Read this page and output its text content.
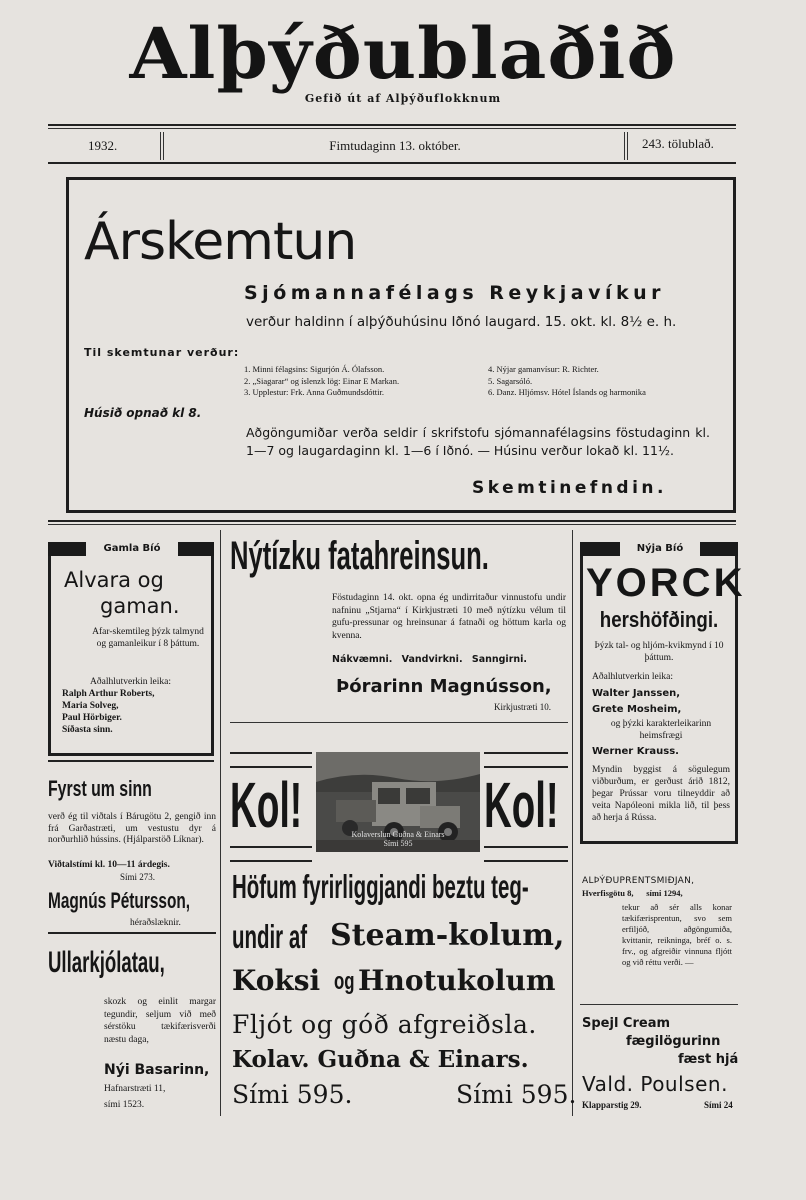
Alþýðublaðið
Gefið út af Alþýðuflokknum
1932.	Fimtudaginn 13. október.	243. tölublað.
Árskemtun
Sjómannafélags Reykjavíkur
verður haldinn í alþýðuhúsinu Iðnó laugard. 15. okt. kl. 8½ e. h.
Til skemtunar verður:
1. Minni félagsins: Sigurjón Á. Ólafsson.
2. „Siagarar“ og íslenzk lög: Einar E Markan.
3. Upplestur: Frk. Anna Guðmundsdóttir.
4. Nýjar gamanvísur: R. Richter.
5. Sagarsóló.
6. Danz. Hljómsv. Hótel Íslands og harmonika
Húsið opnað kl 8.
Aðgöngumiðar verða seldir í skrifstofu sjómannafélagsins föstudaginn kl. 1—7 og laugardaginn kl. 1—6 í Iðnó. — Húsinu verður lokað kl. 11½.
Skemtinefndin.
Gamla Bíó
Alvara og
gaman.
Afar-skemtileg þýzk talmynd og gamanleikur í 8 þáttum.
Aðalhlutverkin leika:
Ralph Arthur Roberts,
Maria Solveg,
Paul Hörbiger.
Síðasta sinn.
Fyrst um sinn
verð ég til viðtals í Bárugötu 2, gengið inn frá Garðastræti, um vestustu dyr á norðurhlið hússins. (Hjálparstöð Líknar).
Viðtalstími kl. 10—11 árdegis.
Sími 273.
Magnús Pétursson,
héraðslæknir.
Ullarkjólatau,
skozk og einlit margar tegundir, seljum við með sérstöku tækifærisverði næstu daga,
Nýi Basarinn,
Hafnarstræti 11,
sími 1523.
Nýtízku fatahreinsun.
Föstudaginn 14. okt. opna ég undirritaður vinnustofu undir nafninu „Stjarna“ í Kirkjustræti 10 með nýtízku vélum til gufu-pressunar og hreinsunar á fatnaði og höttum karla og kvenna.
Nákvæmni. Vandvirkni. Sanngirni.
Þórarinn Magnússon,
Kirkjustræti 10.
Kol!	Kol!
Kolaverslun Guðna & Einars
Sími 595
Höfum fyrirliggjandi beztu teg-
undir af Steam-kolum,
Koksi og Hnotukolum
Fljót og góð afgreiðsla.
Kolav. Guðna & Einars.
Sími 595.	Sími 595.
Nýja Bíó
YORCK
hershöfðingi.
Þýzk tal- og hljóm-kvikmynd í 10 þáttum.
Aðalhlutverkin leika:
Walter Janssen,
Grete Mosheim,
og þýzki karakterleikarinn heimsfrægi
Werner Krauss.
Myndin byggist á sögulegum viðburðum, er gerðust árið 1812, þegar Prússar voru tilneyddir að veita Napóleoni mikla lið, til þess að herja á Rússa.
ALÞÝÐUPRENTSMIÐJAN,
Hverfisgötu 8,      sími 1294,
tekur að sér alls konar tækifærisprentun, svo sem erfiljóð, aðgöngumiða, kvittanir, reikninga, bréf o. s. frv., og afgreiðir vinnuna fljótt og við réttu verði. —
Spejl Cream
fægilögurinn
fæst hjá
Vald. Poulsen.
Klapparstig 29.	Sími 24
